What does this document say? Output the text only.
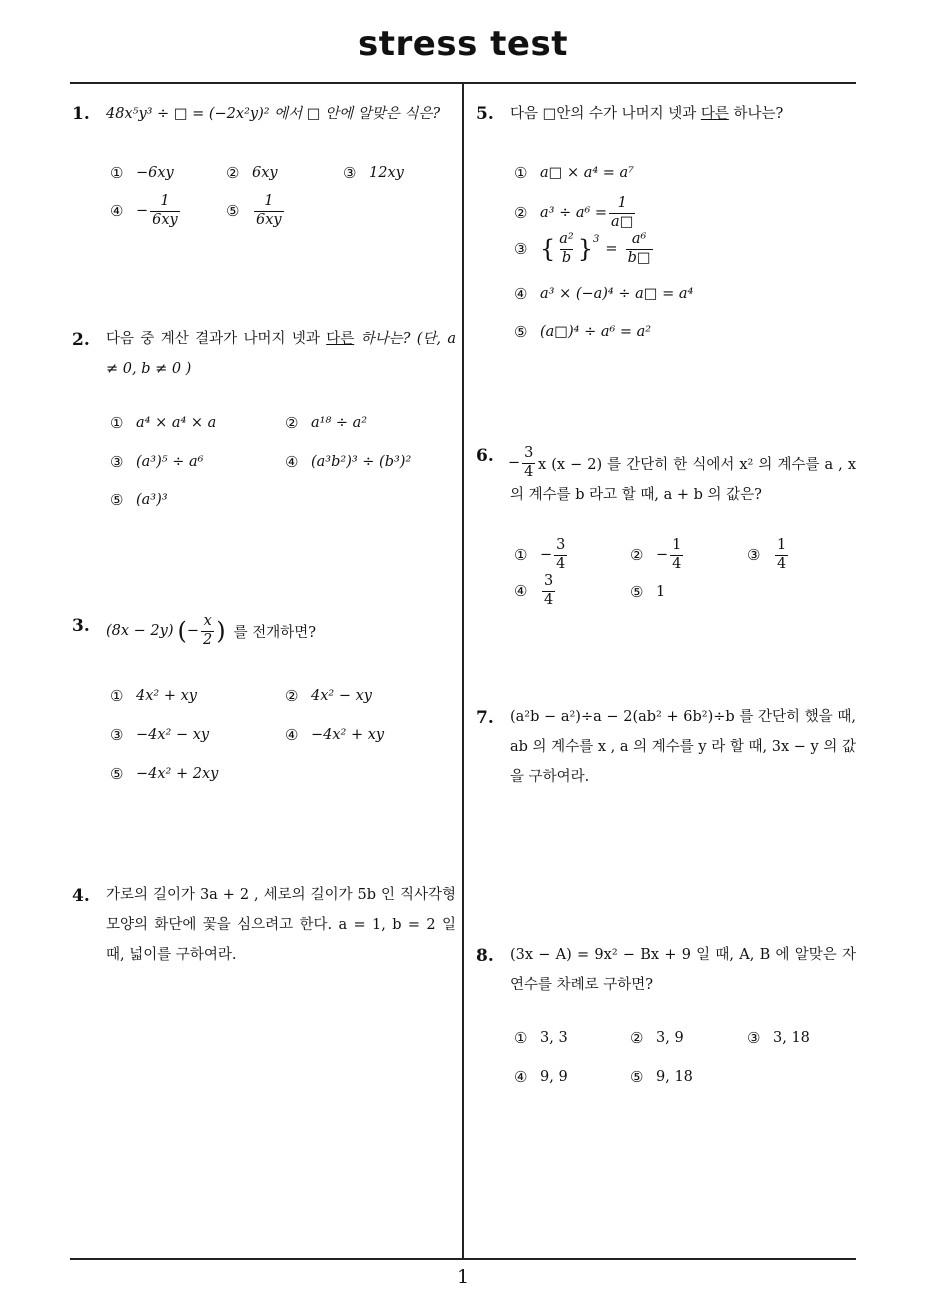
stress test
1
1. 48x⁵y³ ÷ □ = (−2x²y)² 에서 □ 안에 알맞은 식은?
① −6xy	② 6xy	③ 12xy
④ − $\frac{1}{6xy}$	⑤	$\frac{1}{6xy}$
2. 다음 중 계산 결과가 나머지 넷과 다른 하나는? (단, a ≠ 0, b ≠ 0 )
① a⁴ × a⁴ × a	② a¹⁸ ÷ a²
③ (a³)⁵ ÷ a⁶	④ (a³b²)³ ÷ (b³)²
⑤ (a³)³
3. (8x − 2y) ( − $\frac{x}{2}$ ) 를 전개하면?
① 4x² + xy	② 4x² − xy
③ −4x² − xy	④ −4x² + xy
⑤ −4x² + 2xy
4. 가로의 길이가 3a + 2 , 세로의 길이가 5b 인 직사각형 모양의 화단에 꽃을 심으려고 한다. a = 1, b = 2 일 때, 넓이를 구하여라.
5. 다음 □안의 수가 나머지 넷과 다른 하나는?
① a□ × a⁴ = a⁷
② $a^3 \div a^6 = \frac{1}{a□}$
③ { $\frac{\text{a²}}{b} \}^3$
= $\frac{\text{a⁶}}{b□}$
④ a³ × (−a)⁴ ÷ a□ = a⁴
⑤ (a□)⁴ ÷ a⁶ = a²
6. − $\frac{3}{4}$ x (x − 2) 를 간단히 한 식에서 x² 의 계수를 a , x 의 계수를 b 라고 할 때, a + b 의 값은?
① − $\frac{3}{4}$	② − $\frac{1}{4}$	③	$\frac{1}{4}$
④	$\frac{3}{4}$	⑤ 1
7. (a²b − a²)÷a − 2(ab² + 6b²)÷b 를 간단히 했을 때, ab 의 계수를 x , a 의 계수를 y 라 할 때, 3x − y 의 값을 구하여라.
8. (3x − A) = 9x² − Bx + 9 일 때, A, B 에 알맞은 자연수를 차례로 구하면?
① 3, 3	② 3, 9	③ 3, 18
④ 9, 9	⑤ 9, 18
